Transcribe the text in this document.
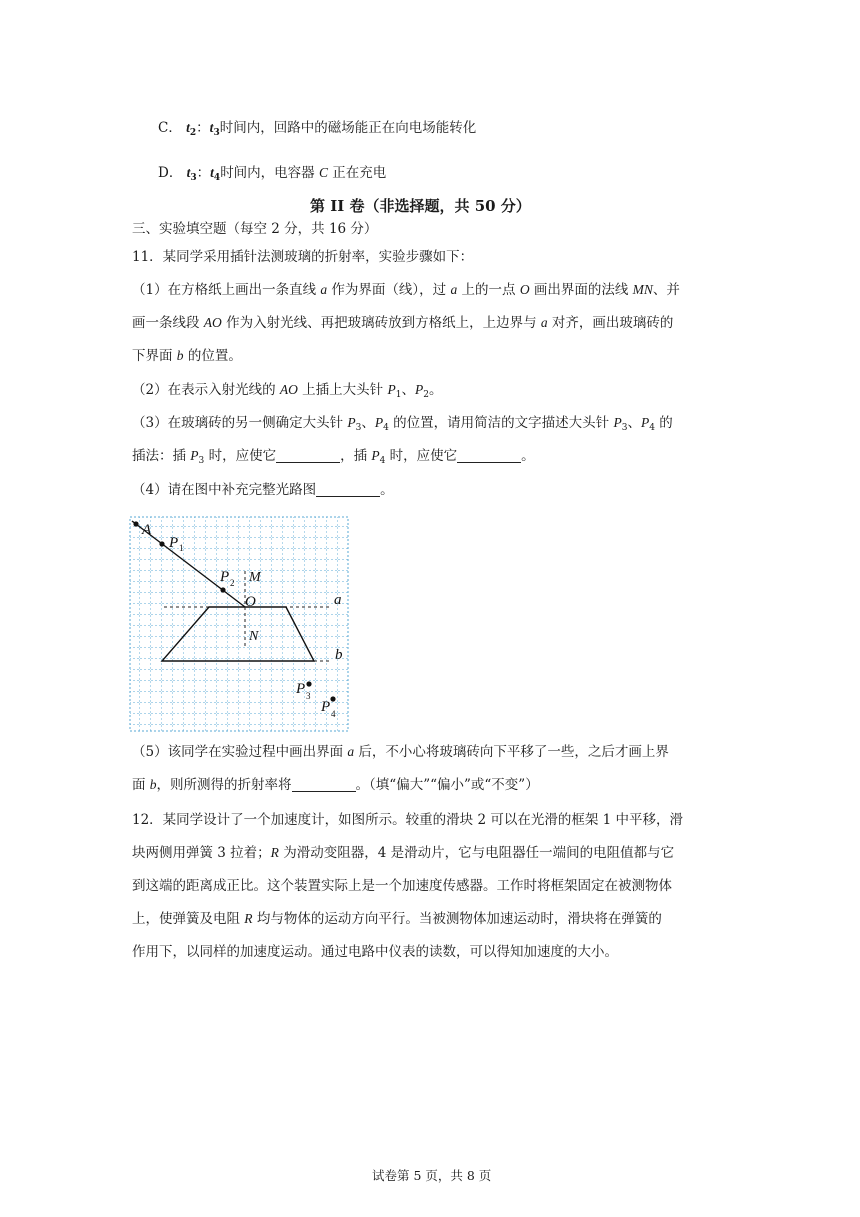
C． $t_2$：$t_3$时间内，回路中的磁场能正在向电场能转化
D． $t_3$：$t_4$时间内，电容器 C 正在充电
第 II 卷（非选择题，共 50 分）
三、实验填空题（每空 2 分，共 16 分）
11．某同学采用插针法测玻璃的折射率，实验步骤如下：
（1）在方格纸上画出一条直线 a 作为界面（线），过 a 上的一点 O 画出界面的法线 MN、并
画一条线段 AO 作为入射光线、再把玻璃砖放到方格纸上，上边界与 a 对齐，画出玻璃砖的
下界面 b 的位置。
（2）在表示入射光线的 AO 上插上大头针 $P_1$、$P_2$。
（3）在玻璃砖的另一侧确定大头针 $P_3$、$P_4$ 的位置，请用简洁的文字描述大头针 $P_3$、$P_4$ 的
插法：插 $P_3$ 时，应使它	，插 $P_4$ 时，应使它	。
（4）请在图中补充完整光路图	。
A
P 1
P 2 M
O
N
a
b
P 3
P 4
（5）该同学在实验过程中画出界面 a 后，不小心将玻璃砖向下平移了一些，之后才画上界
面 b，则所测得的折射率将	。（填“偏大”“偏小”或“不变”）
12．某同学设计了一个加速度计，如图所示。较重的滑块 2 可以在光滑的框架 1 中平移，滑
块两侧用弹簧 3 拉着；R 为滑动变阻器，4 是滑动片，它与电阻器任一端间的电阻值都与它
到这端的距离成正比。这个装置实际上是一个加速度传感器。工作时将框架固定在被测物体
上，使弹簧及电阻 R 均与物体的运动方向平行。当被测物体加速运动时，滑块将在弹簧的
作用下，以同样的加速度运动。通过电路中仪表的读数，可以得知加速度的大小。
试卷第 5 页，共 8 页
